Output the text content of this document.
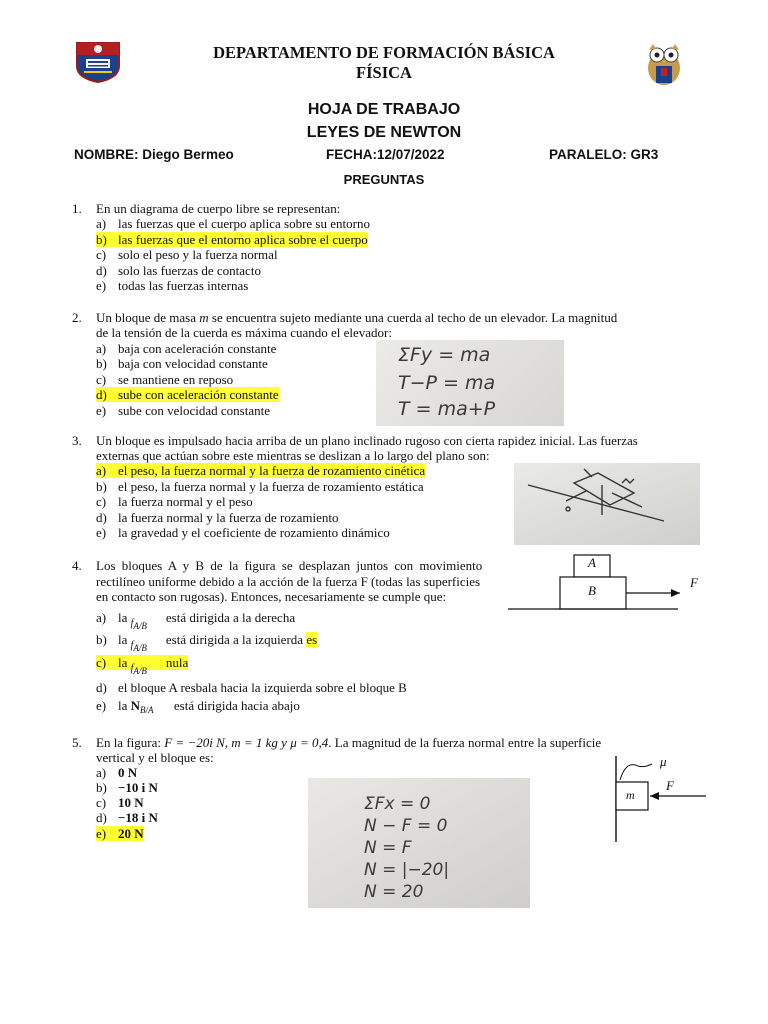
DEPARTAMENTO DE FORMACIÓN BÁSICA
FÍSICA
HOJA DE TRABAJO
LEYES DE NEWTON
NOMBRE: Diego Bermeo	FECHA:12/07/2022	PARALELO: GR3
PREGUNTAS
1. En un diagrama de cuerpo libre se representan:
a) las fuerzas que el cuerpo aplica sobre su entorno
b) las fuerzas que el entorno aplica sobre el cuerpo
c) solo el peso y la fuerza normal
d) solo las fuerzas de contacto
e) todas las fuerzas internas
2. Un bloque de masa m se encuentra sujeto mediante una cuerda al techo de un elevador. La magnitud
de la tensión de la cuerda es máxima cuando el elevador:
a) baja con aceleración constante
b) baja con velocidad constante
c) se mantiene en reposo
d) sube con aceleración constante
e) sube con velocidad constante
ΣFy = ma
T−P = ma
T = ma+P
3. Un bloque es impulsado hacia arriba de un plano inclinado rugoso con cierta rapidez inicial. Las fuerzas
externas que actúan sobre este mientras se deslizan a lo largo del plano son:
a) el peso, la fuerza normal y la fuerza de rozamiento cinética
b) el peso, la fuerza normal y la fuerza de rozamiento estática
c) la fuerza normal y el peso
d) la fuerza normal y la fuerza de rozamiento
e) la gravedad y el coeficiente de rozamiento dinámico
4. Los bloques A y B de la figura se desplazan juntos con movimiento
rectilíneo uniforme debido a la acción de la fuerza F (todas las superficies
en contacto son rugosas). Entonces, necesariamente se cumple que:
a) la fA/B está dirigida a la derecha
b) la fA/B está dirigida a la izquierda es
c) la fA/B nula
d) el bloque A resbala hacia la izquierda sobre el bloque B
e) la $N_{B/A}$ está dirigida hacia abajo
A
B
F
5. En la figura: F = −20i N, m = 1 kg y μ = 0,4. La magnitud de la fuerza normal entre la superficie
vertical y el bloque es:
a) 0 N
b) −10 i N
c) 10 N
d) −18 i N
e) 20 N
ΣFx = 0
N − F = 0
N = F
N = |−20|
N = 20
m
F
μ
